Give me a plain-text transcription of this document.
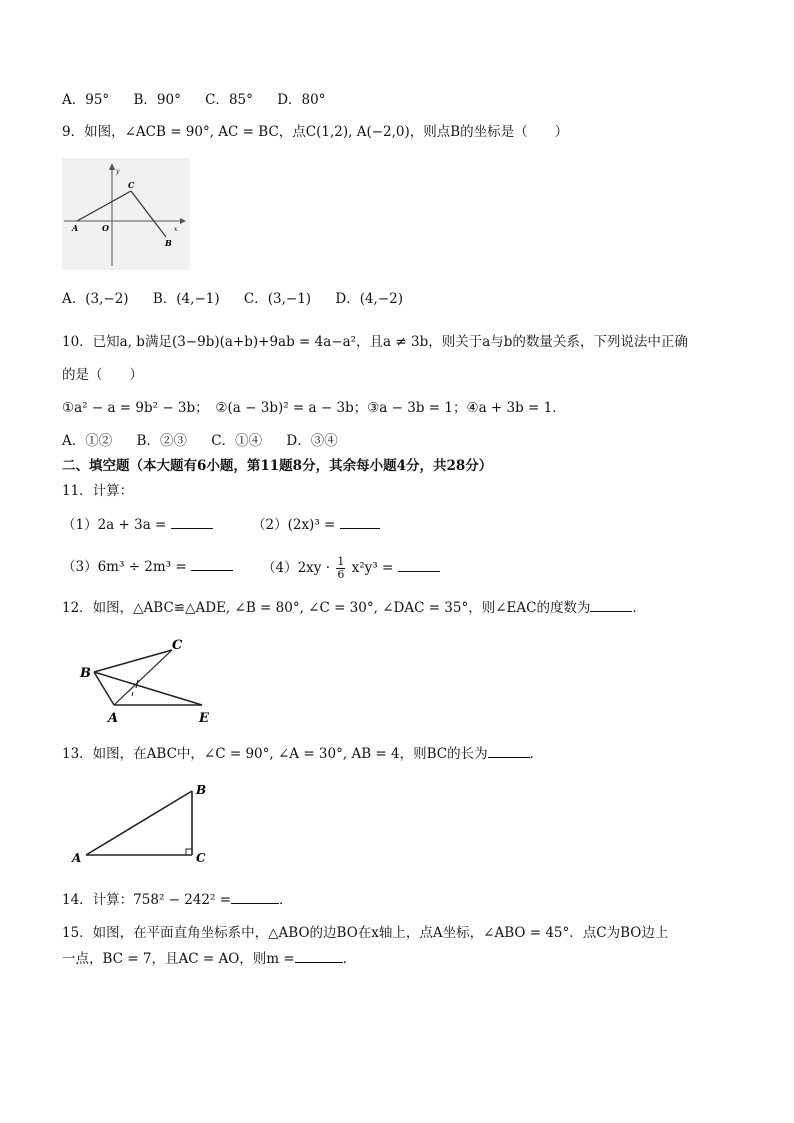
A．95° B．90° C．85° D．80°
9．如图，∠ACB = 90°, AC = BC，点C(1,2), A(−2,0)，则点B的坐标是（　　）
A	O
C
B
x
y
A．(3,−2) B．(4,−1) C．(3,−1) D．(4,−2)
10．已知a, b满足(3−9b)(a+b)+9ab = 4a−a²，且a ≠ 3b，则关于a与b的数量关系，下列说法中正确
的是（　　）
①a² − a = 9b² − 3b；　②(a − 3b)² = a − 3b；③a − 3b = 1；④a + 3b = 1．
A．①② B．②③ C．①④ D．③④
二、填空题（本大题有6小题，第11题8分，其余每小题4分，共28分）
11．计算：
（1）2a + 3a =	（2）(2x)³ =
（3）6m³ ÷ 2m³ =	$(4)2xy \cdot \frac{1}{6} x^2y^3$ =
12．如图，△ABC≌△ADE, ∠B = 80°, ∠C = 30°, ∠DAC = 35°，则∠EAC的度数为	．
B
C
A	E
13．如图，在ABC中，∠C = 90°, ∠A = 30°, AB = 4，则BC的长为	．
A
B
C
14．计算：758² − 242² =	．
15．如图，在平面直角坐标系中，△ABO的边BO在x轴上，点A坐标，∠ABO = 45°．点C为BO边上
一点，BC = 7，且AC = AO，则m =	．
